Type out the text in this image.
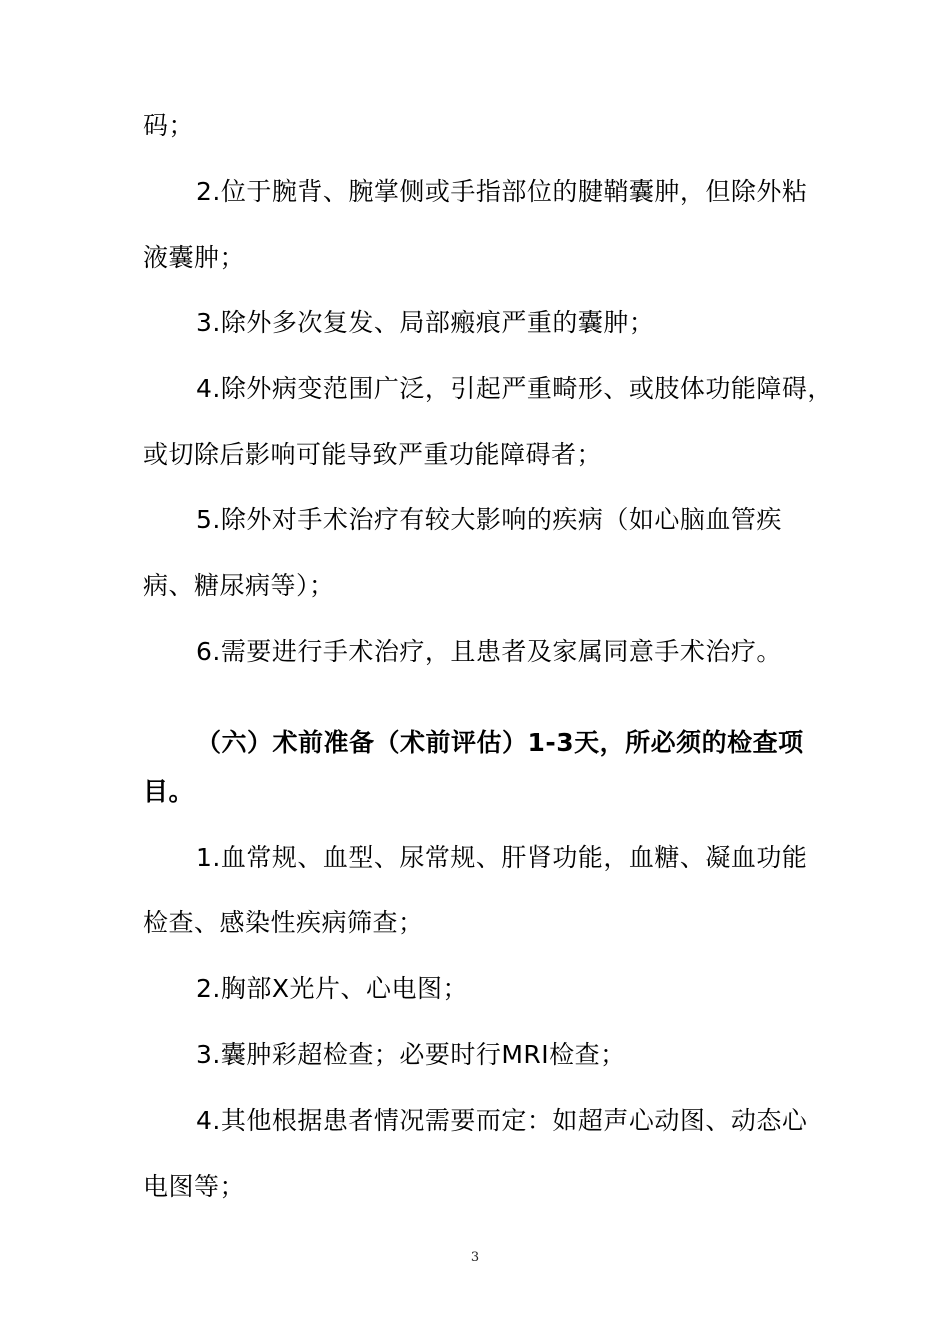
码；
2.位于腕背、腕掌侧或手指部位的腱鞘囊肿，但除外粘
液囊肿；
3.除外多次复发、局部瘢痕严重的囊肿；
4.除外病变范围广泛，引起严重畸形、或肢体功能障碍，
或切除后影响可能导致严重功能障碍者；
5.除外对手术治疗有较大影响的疾病（如心脑血管疾
病、糖尿病等）；
6.需要进行手术治疗，且患者及家属同意手术治疗。
（六）术前准备（术前评估）1-3天，所必须的检查项
目。
1.血常规、血型、尿常规、肝肾功能，血糖、凝血功能
检查、感染性疾病筛查；
2.胸部X光片、心电图；
3.囊肿彩超检查；必要时行MRI检查；
4.其他根据患者情况需要而定：如超声心动图、动态心
电图等；
3
